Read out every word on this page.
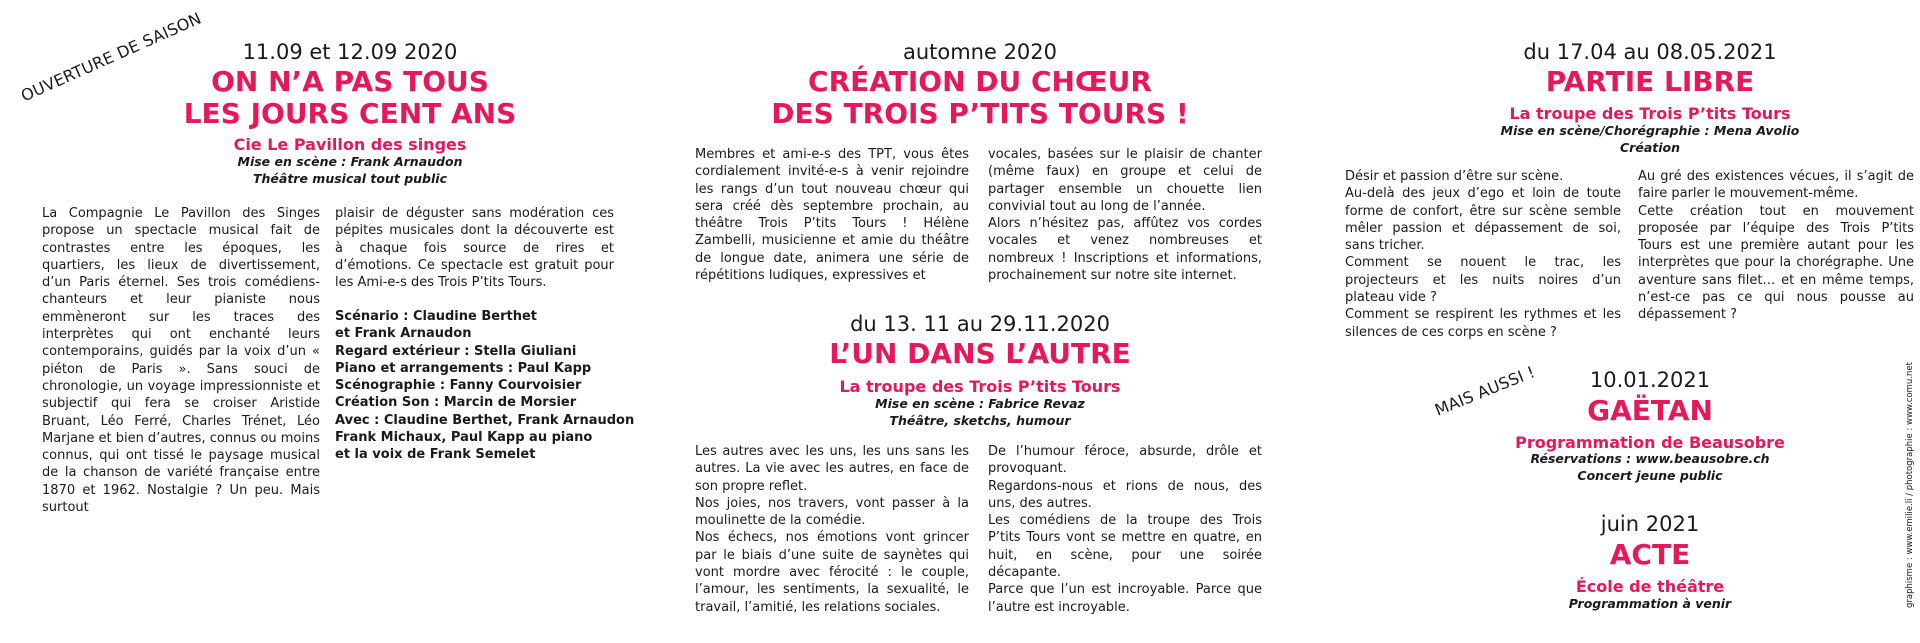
OUVERTURE DE SAISON	11.09 et 12.09 2020
ON N’A PAS TOUS
LES JOURS CENT ANS
Cie Le Pavillon des singes
Mise en scène : Frank Arnaudon
Théâtre musical tout public
La Compagnie Le Pavillon des Singes propose un spectacle musical fait de contrastes entre les époques, les quartiers, les lieux de divertissement, d’un Paris éternel. Ses trois comédiens-chanteurs et leur pianiste nous emmèneront sur les traces des interprètes qui ont enchanté leurs contemporains, guidés par la voix d’un « piéton de Paris ». Sans souci de chronologie, un voyage impressionniste et subjectif qui fera se croiser Aristide Bruant, Léo Ferré, Charles Trénet, Léo Marjane et bien d’autres, connus ou moins connus, qui ont tissé le paysage musical de la chanson de variété française entre 1870 et 1962. Nostalgie ? Un peu. Mais surtout
plaisir de déguster sans modération ces pépites musicales dont la découverte est à chaque fois source de rires et d’émotions. Ce spectacle est gratuit pour les Ami-e-s des Trois P’tits Tours.
Scénario : Claudine Berthet
et Frank Arnaudon
Regard extérieur : Stella Giuliani
Piano et arrangements : Paul Kapp
Scénographie : Fanny Courvoisier
Création Son : Marcin de Morsier
Avec : Claudine Berthet, Frank Arnaudon
Frank Michaux, Paul Kapp au piano
et la voix de Frank Semelet
automne 2020
CRÉATION DU CHŒUR
DES TROIS P’TITS TOURS !
Membres et ami-e-s des TPT, vous êtes cordialement invité-e-s à venir rejoindre les rangs d’un tout nouveau chœur qui sera créé dès septembre prochain, au théâtre Trois P’tits Tours ! Hélène Zambelli, musicienne et amie du théâtre de longue date, animera une série de répétitions ludiques, expressives et

vocales, basées sur le plaisir de chanter (même faux) en groupe et celui de partager ensemble un chouette lien convivial tout au long de l’année.

Alors n’hésitez pas, affûtez vos cordes vocales et venez nombreuses et nombreux ! Inscriptions et informations, prochainement sur notre site internet.

du 13. 11 au 29.11.2020
L’UN DANS L’AUTRE
La troupe des Trois P’tits Tours
Mise en scène : Fabrice Revaz
Théâtre, sketchs, humour

Les autres avec les uns, les uns sans les autres. La vie avec les autres, en face de son propre reflet.

Nos joies, nos travers, vont passer à la moulinette de la comédie.

Nos échecs, nos émotions vont grincer par le biais d’une suite de saynètes qui vont mordre avec férocité : le couple, l’amour, les sentiments, la sexualité, le travail, l’amitié, les relations sociales.

De l’humour féroce, absurde, drôle et provoquant.

Regardons-nous et rions de nous, des uns, des autres.

Les comédiens de la troupe des Trois P’tits Tours vont se mettre en quatre, en huit, en scène, pour une soirée décapante.

Parce que l’un est incroyable. Parce que l’autre est incroyable.

du 17.04 au 08.05.2021
PARTIE LIBRE
La troupe des Trois P’tits Tours
Mise en scène/Chorégraphie : Mena Avolio
Création

Désir et passion d’être sur scène.

Au-delà des jeux d’ego et loin de toute forme de confort, être sur scène semble mêler passion et dépassement de soi, sans tricher.

Comment se nouent le trac, les projecteurs et les nuits noires d’un plateau vide ?

Comment se respirent les rythmes et les silences de ces corps en scène ?

Au gré des existences vécues, il s’agit de faire parler le mouvement-même.

Cette création tout en mouvement proposée par l’équipe des Trois P’tits Tours est une première autant pour les interprètes que pour la chorégraphe. Une aventure sans filet… et en même temps, n’est-ce pas ce qui nous pousse au dépassement ?

MAIS AUSSI !	10.01.2021
GAËTAN
Programmation de Beausobre
Réservations : www.beausobre.ch
Concert jeune public
juin 2021
ACTE
École de théâtre
Programmation à venir	graphisme : www.emilie.li / photographie : www.comu.net
